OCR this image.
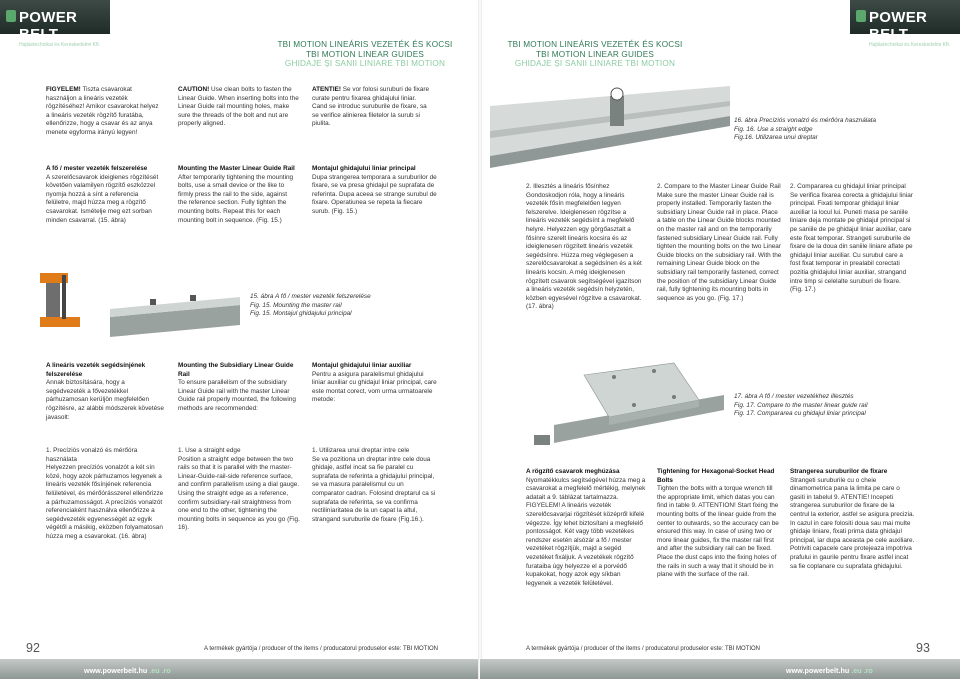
POWER BELT
Hajtástechnikai és Kereskedelmi Kft.	TBI MOTION LINEÁRIS VEZETÉK ÉS KOCSI
TBI MOTION LINEAR GUIDES
GHIDAJE ȘI SANII LINIARE TBI MOTION
FIGYELEM! Tiszta csavarokat használjon a lineáris vezeték rögzítéséhez! Amikor csavarokat helyez a lineáris vezeték rögzítő furatába, ellenőrizze, hogy a csavar és az anya menete egyforma irányú legyen!
CAUTION! Use clean bolts to fasten the Linear Guide. When inserting bolts into the Linear Guide rail mounting holes, make sure the threads of the bolt and nut are properly aligned.
ATENTIE! Se vor folosi suruburi de fixare curate pentru fixarea ghidajului liniar. Cand se introduc suruburile de fixare, sa se verifice alinierea filetelor la surub si piulita.
A fő / mester vezeték felszerelése
A szerelőcsavarok ideiglenes rögzítését követően valamilyen rögzítő eszközzel nyomja hozzá a sínt a referencia felületre, majd húzza meg a rögzítő csavarokat. Ismételje meg ezt sorban minden csavarral. (15. ábra)
Mounting the Master Linear Guide Rail
After temporarily tightening the mounting bolts, use a small device or the like to firmly press the rail to the side, against the reference section. Fully tighten the mounting bolts. Repeat this for each mounting bolt in sequence. (Fig. 15.)
Montajul ghidajului liniar principal
Dupa strangerea temporara a suruburilor de fixare, se va presa ghidajul pe suprafata de referinta. Dupa aceea se strange surubul de fixare. Operatiunea se repeta la fiecare surub. (Fig. 15.)
15. ábra A fő / mester vezeték felszerelése
Fig. 15. Mounting the master rail
Fig. 15. Montajul ghidajului principal
A lineáris vezeték segédsínjének felszerelése
Annak biztosítására, hogy a segédvezeték a fővezetékkel párhuzamosan kerüljön megfelelően rögzítésre, az alábbi módszerek követése javasolt:
Mounting the Subsidiary Linear Guide Rail
To ensure parallelism of the subsidiary Linear Guide rail with the master Linear Guide rail properly mounted, the following methods are recommended:
Montajul ghidajului liniar auxiliar
Pentru a asigura paralelismul ghidajului liniar auxiliar cu ghidajul liniar principal, care este montat corect, vom urma urmatoarele metode:
1. Precíziós vonalzó és mérőóra használata
Helyezzen precíziós vonalzót a két sín közé, hogy azok párhuzamos legyenek a lineáris vezeték fősínjének referencia felületével, és mérőórásszerel ellenőrizze a párhuzamosságot. A precíziós vonalzót referenciaként használva ellenőrizze a segédvezeték egyenességét az egyik végétől a másikig, eközben folyamatosan húzza meg a csavarokat. (16. ábra)
1. Use a straight edge
Position a straight edge between the two rails so that it is parallel with the master-Linear-Guide-rail-side reference surface, and confirm parallelism using a dial gauge. Using the straight edge as a reference, confirm subsidiary-rail straightness from one end to the other, tightening the mounting bolts in sequence as you go (Fig. 16).
1. Utilizarea unui dreptar intre cele
Se va pozitiona un dreptar intre cele doua ghidaje, astfel incat sa fie paralel cu suprafata de referinta a ghidajului principal, se va masura paralelismul cu un comparator cadran. Folosind dreptarul ca si suprafata de referinta, se va confirma rectiliniaritatea de la un capat la altul, strangand suruburile de fixare (Fig.16.).
92	A termékek gyártója / producer of the items / producatorul produselor este: TBI MOTION
www.powerbelt.hu .eu .ro
POWER BELT
Hajtástechnikai és Kereskedelmi Kft.
TBI MOTION LINEÁRIS VEZETÉK ÉS KOCSI
TBI MOTION LINEAR GUIDES
GHIDAJE ȘI SANII LINIARE TBI MOTION
16. ábra Precíziós vonalzó és mérőóra használata
Fig. 16. Use a straight edge
Fig.16. Utilizarea unui dreptar
2. Illesztés a lineáris fősínhez
Gondoskodjon róla, hogy a lineáris vezeték fősín megfelelően legyen felszerelve. Ideiglenesen rögzítse a lineáris vezeték segédsínt a megfelelő helyre. Helyezzen egy görgőasztalt a fősínre szerelt lineáris kocsira és az ideiglenesen rögzített lineáris vezeték segédsínre. Húzza meg véglegesen a szerelőcsavarokat a segédsínen és a két lineáris kocsin. A még ideiglenesen rögzített csavarok segítségével igazítson a lineáris vezeték segédsín helyzetén, közben egyesével rögzítve a csavarokat. (17. ábra)
2. Compare to the Master Linear Guide Rail
Make sure the master Linear Guide rail is properly installed. Temporarily fasten the subsidiary Linear Guide rail in place. Place a table on the Linear Guide blocks mounted on the master rail and on the temporarily fastened subsidiary Linear Guide rail. Fully tighten the mounting bolts on the two Linear Guide blocks on the subsidiary rail. With the remaining Linear Guide block on the subsidiary rail temporarily fastened, correct the position of the subsidiary Linear Guide rail, fully tightening its mounting bolts in sequence as you go. (Fig. 17.)
2. Compararea cu ghidajul liniar principal
Se verifica fixarea corecta a ghidajului liniar principal. Fixati temporar ghidajul liniar auxiliar la locul lui. Puneti masa pe saniile liniare deja montate pe ghidajul principal si pe saniile de pe ghidajul liniar auxiliar, care este fixat temporar. Strangeti suruburile de fixare de la doua din saniile liniare aflate pe ghidajul liniar auxiliar. Cu surubul care a fost fixat temporar in prealabil corectati pozitia ghidajului liniar auxiliar, strangand intre timp si celelalte suruburi de fixare. (Fig. 17.)
17. ábra A fő / mester vezetékhez illesztés
Fig. 17. Compare to the master linear guide rail
Fig. 17. Compararea cu ghidajul liniar principal
A rögzítő csavarok meghúzása
Nyomatékkulcs segítségével húzza meg a csavarokat a megfelelő mértékig, melynek adatait a 9. táblázat tartalmazza. FIGYELEM! A lineáris vezeték szerelőcsavarjai rögzítését középről kifelé végezze. Így lehet biztosítani a megfelelő pontosságot. Két vagy több vezetékes rendszer esetén alsózár a fő / mester vezetéket rögzítjük, majd a segéd vezetéket fixáljuk. A vezetékek rögzítő furataiba úgy helyezze el a porvédő kupakokat, hogy azok egy síkban legyenek a vezeték felületével.
Tightening for Hexagonal-Socket Head Bolts
Tighten the bolts with a torque wrench till the appropriate limit, which datas you can find in table 9. ATTENTION! Start fixing the mounting bolts of the linear guide from the center to outwards, so the accuracy can be ensured this way. In case of using two or more linear guides, fix the master rail first and after the subsidiary rail can be fixed. Place the dust caps into the fixing holes of the rails in such a way that it should be in plane with the surface of the rail.
Strangerea suruburilor de fixare
Strangeti suruburile cu o cheie dinamometrica pana la limita pe care o gasiti in tabelul 9. ATENTIE! Incepeti strangerea suruburilor de fixare de la centrul la exterior, astfel se asigura precizia. In cazul in care folositi doua sau mai multe ghidaje liniare, fixati prima data ghidajul principal, iar dupa aceasta pe cele auxiliare. Potriviti capacele care protejeaza impotriva prafului in gaurile pentru fixare astfel incat sa fie coplanare cu suprafata ghidajului.
A termékek gyártója / producer of the items / producatorul produselor este: TBI MOTION	93
www.powerbelt.hu .eu .ro
